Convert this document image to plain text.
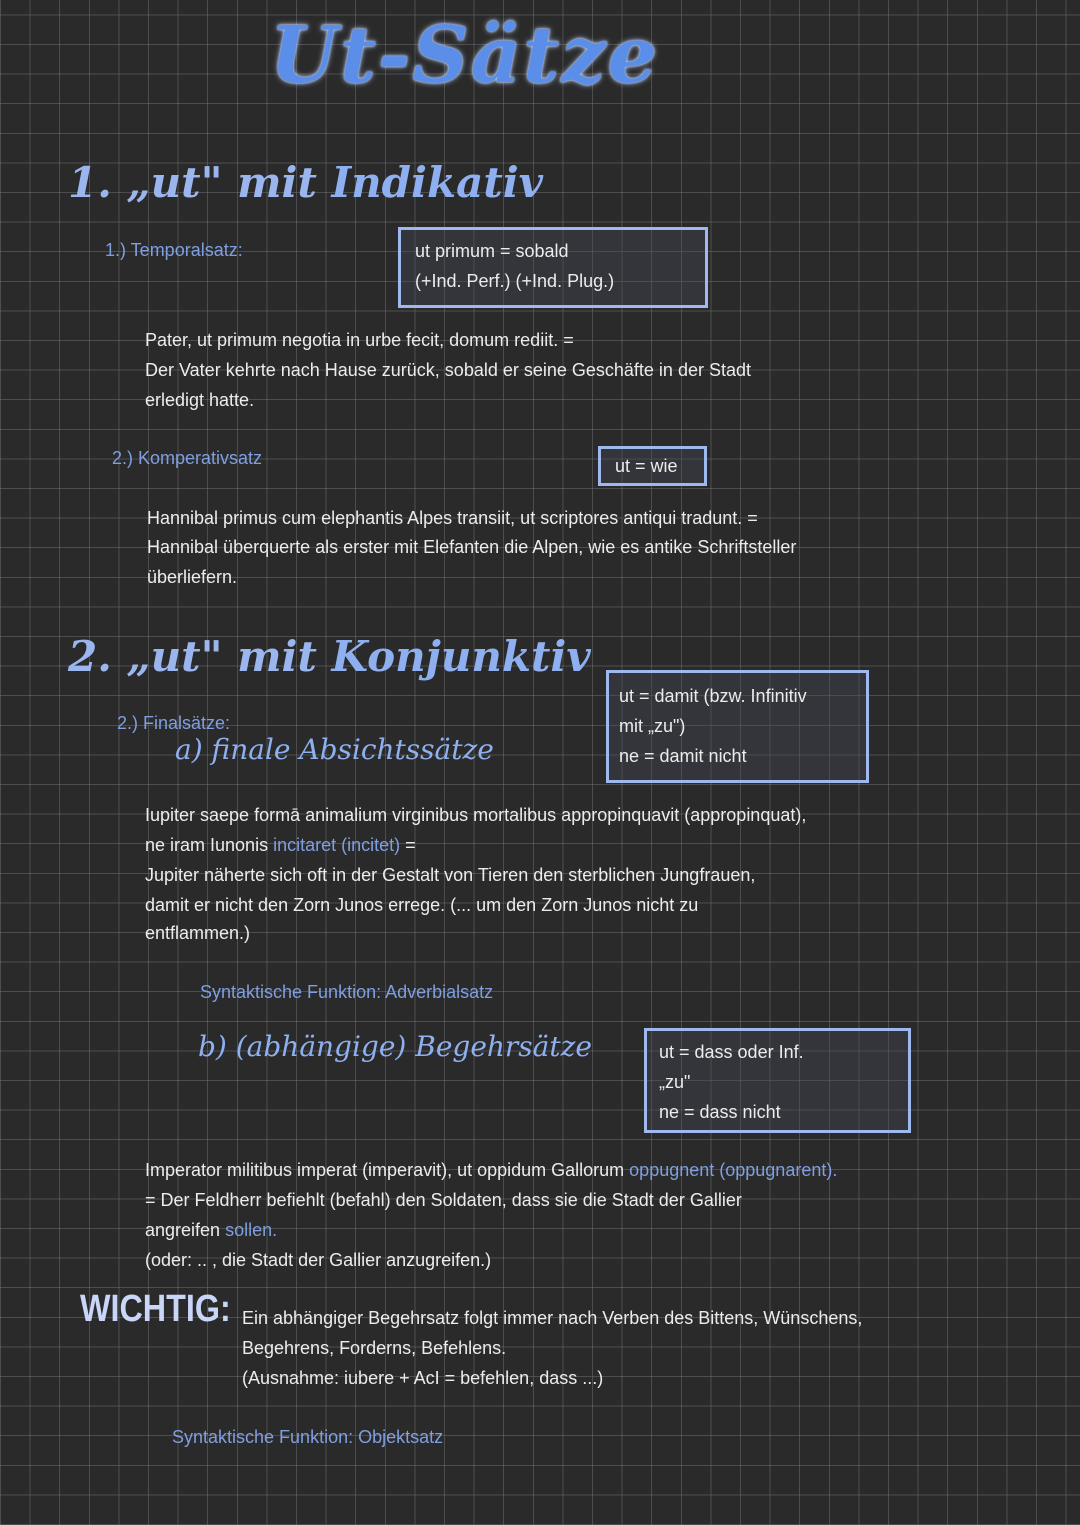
Ut-Sätze
1. „ut" mit Indikativ
1.) Temporalsatz:	ut primum = sobald
(+Ind. Perf.) (+Ind. Plug.)
Pater, ut primum negotia in urbe fecit, domum rediit. =
Der Vater kehrte nach Hause zurück, sobald er seine Geschäfte in der Stadt
erledigt hatte.
2.) Komperativsatz	ut = wie
Hannibal primus cum elephantis Alpes transiit, ut scriptores antiqui tradunt. =
Hannibal überquerte als erster mit Elefanten die Alpen, wie es antike Schriftsteller
überliefern.
2. „ut" mit Konjunktiv
2.) Finalsätze:
a) finale Absichtssätze
ut = damit (bzw. Infinitiv
mit „zu")
ne = damit nicht
Iupiter saepe formā animalium virginibus mortalibus appropinquavit (appropinquat),
ne iram Iunonis incitaret (incitet) =
Jupiter näherte sich oft in der Gestalt von Tieren den sterblichen Jungfrauen,
damit er nicht den Zorn Junos errege. (... um den Zorn Junos nicht zu
entflammen.)
Syntaktische Funktion: Adverbialsatz
b) (abhängige) Begehrsätze	ut = dass oder Inf.
„zu"
ne = dass nicht
Imperator militibus imperat (imperavit), ut oppidum Gallorum oppugnent (oppugnarent).
= Der Feldherr befiehlt (befahl) den Soldaten, dass sie die Stadt der Gallier
angreifen sollen.
(oder: .. , die Stadt der Gallier anzugreifen.)
WICHTIG: Ein abhängiger Begehrsatz folgt immer nach Verben des Bittens, Wünschens,
Begehrens, Forderns, Befehlens.
(Ausnahme: iubere + AcI = befehlen, dass ...)
Syntaktische Funktion: Objektsatz
